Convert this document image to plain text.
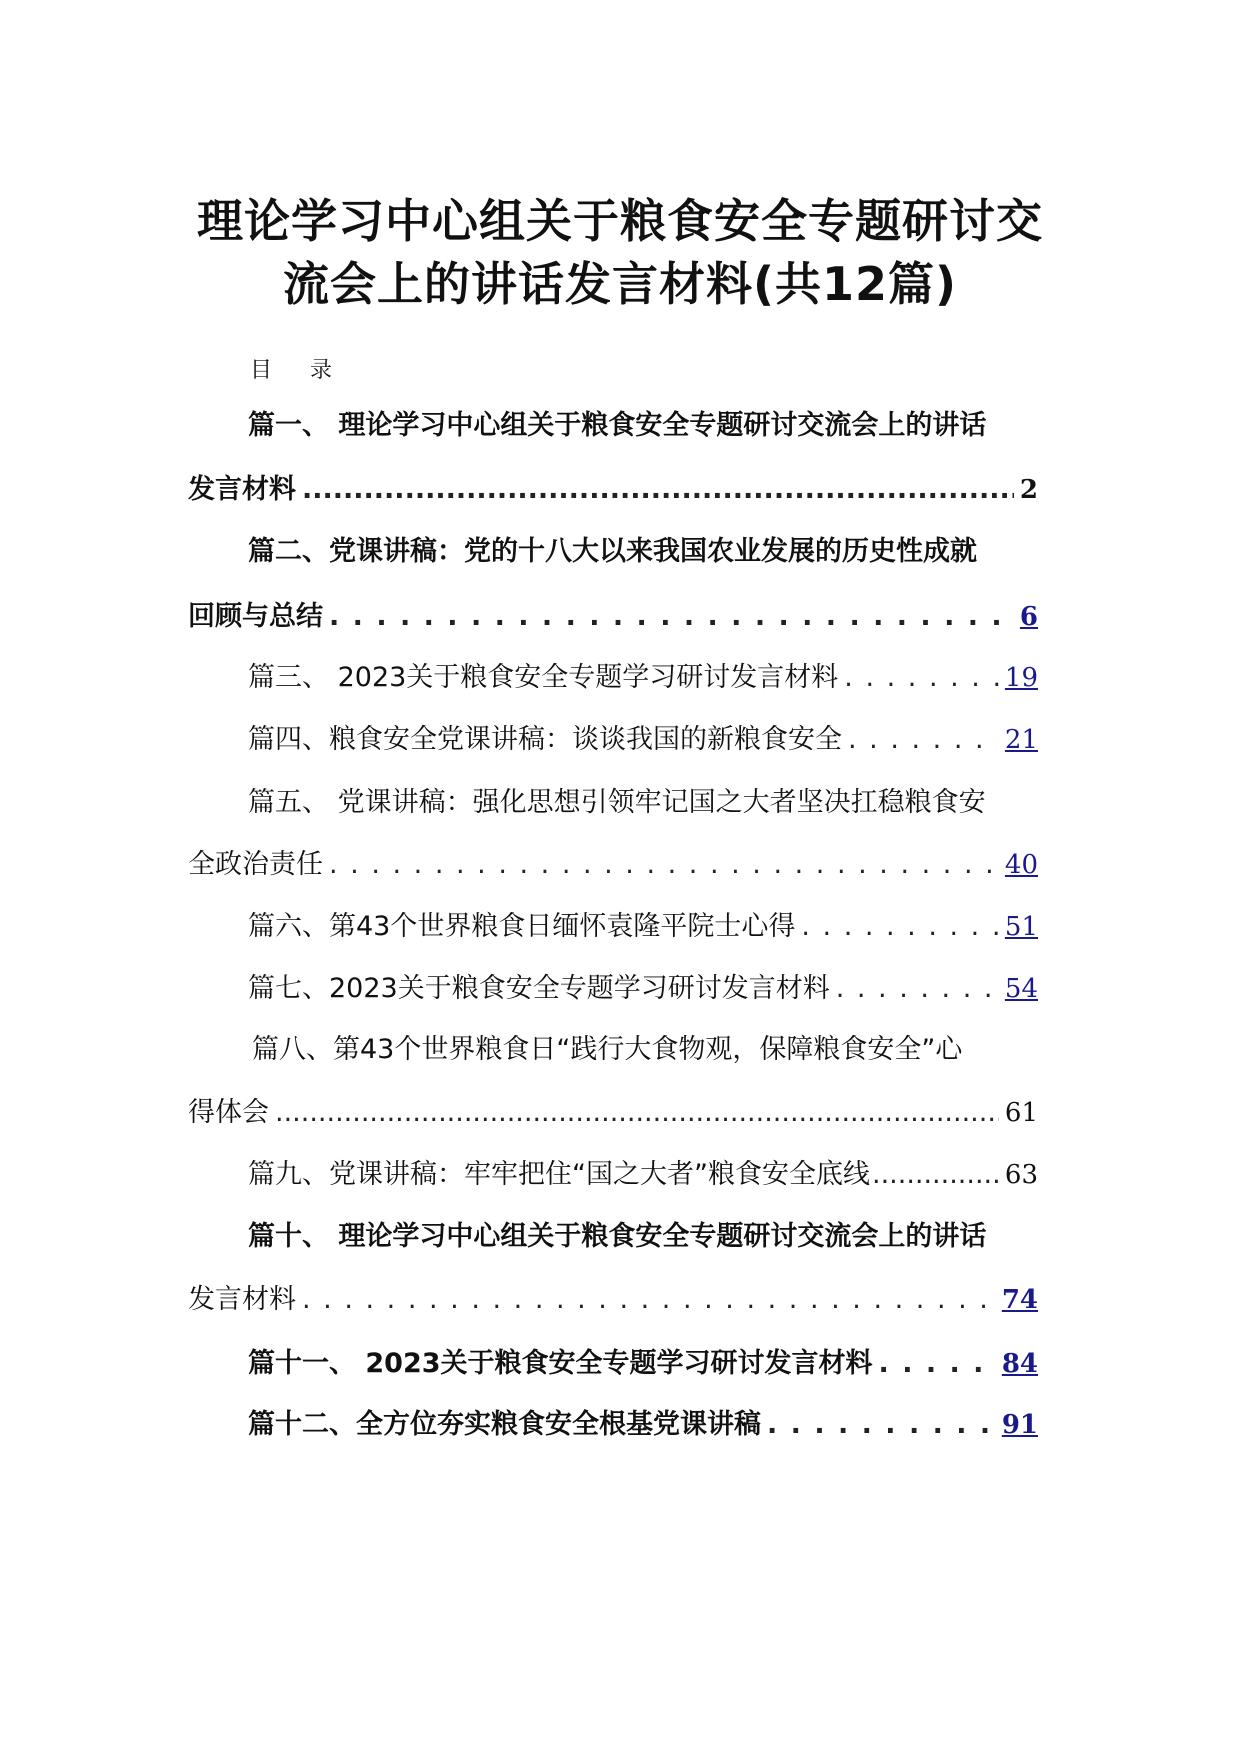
理论学习中心组关于粮食安全专题研讨交
流会上的讲话发言材料(共12篇)
目 录
篇一、 理论学习中心组关于粮食安全专题研讨交流会上的讲话
发言材料 .....	2
篇二、党课讲稿：党的十八大以来我国农业发展的历史性成就
回顾与总结 . . .	6
篇三、 2023关于粮食安全专题学习研讨发言材料 . . .	19
篇四、粮食安全党课讲稿：谈谈我国的新粮食安全 . . .	21
篇五、 党课讲稿：强化思想引领牢记国之大者坚决扛稳粮食安
全政治责任 . . .	40
篇六、第43个世界粮食日缅怀袁隆平院士心得 . . .	51
篇七、2023关于粮食安全专题学习研讨发言材料 . . .	54
篇八、第43个世界粮食日“践行大食物观，保障粮食安全”心
得体会 .....	61
篇九、党课讲稿：牢牢把住“国之大者”粮食安全底线 .....	63
篇十、 理论学习中心组关于粮食安全专题研讨交流会上的讲话
发言材料 . . .	74
篇十一、 2023关于粮食安全专题学习研讨发言材料 . . .	84
篇十二、全方位夯实粮食安全根基党课讲稿 . . .	91
